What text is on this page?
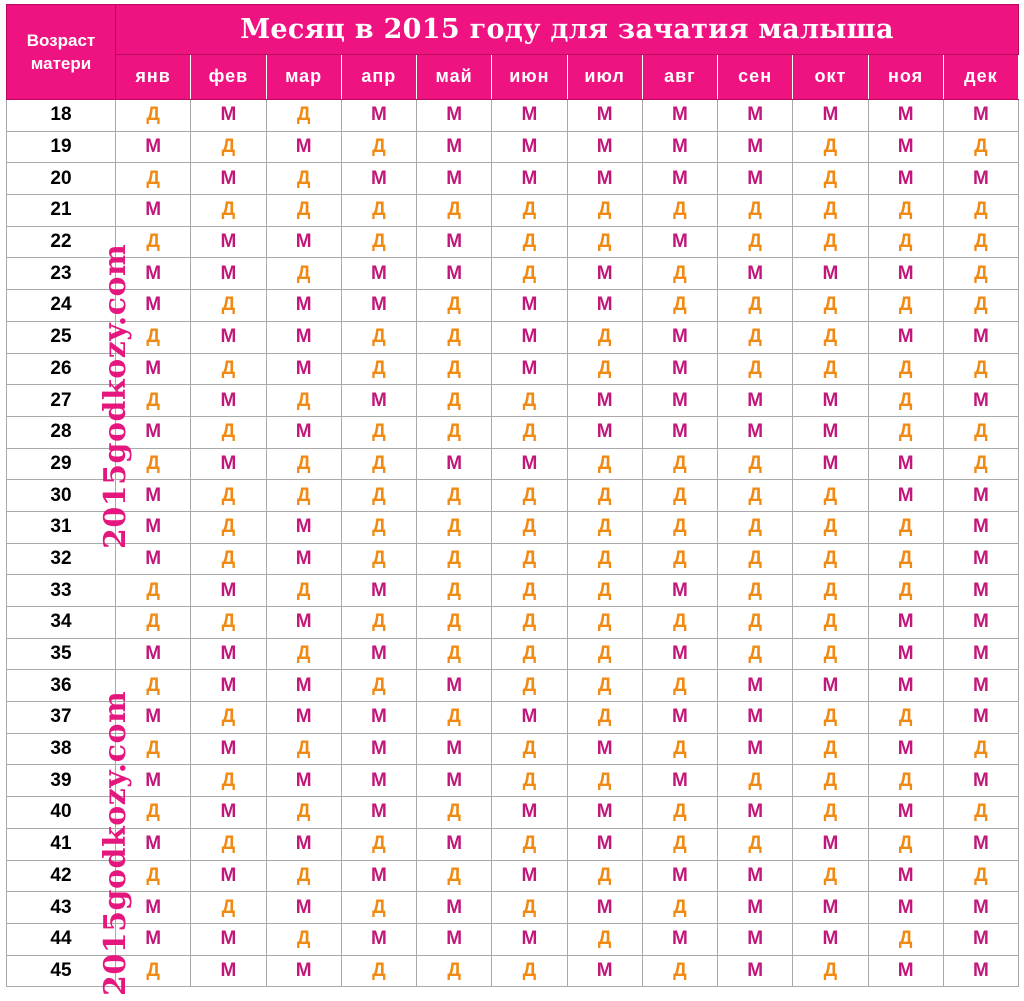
Возраст матери	Месяц в 2015 году для зачатия малыша											
	янв	фев	мар	апр	май	июн	июл	авг	сен	окт	ноя	дек
18	Д	М	Д	М	М	М	М	М	М	М	М	М
19	М	Д	М	Д	М	М	М	М	М	Д	М	Д
20	Д	М	Д	М	М	М	М	М	М	Д	М	М
21	М	Д	Д	Д	Д	Д	Д	Д	Д	Д	Д	Д
22	Д	М	М	Д	М	Д	Д	М	Д	Д	Д	Д
23	М	М	Д	М	М	Д	М	Д	М	М	М	Д
24	М	Д	М	М	Д	М	М	Д	Д	Д	Д	Д
25	Д	М	М	Д	Д	М	Д	М	Д	Д	М	М
26	М	Д	М	Д	Д	М	Д	М	Д	Д	Д	Д
27	Д	М	Д	М	Д	Д	М	М	М	М	Д	М
28	М	Д	М	Д	Д	Д	М	М	М	М	Д	Д
29	Д	М	Д	Д	М	М	Д	Д	Д	М	М	Д
30	М	Д	Д	Д	Д	Д	Д	Д	Д	Д	М	М
31	М	Д	М	Д	Д	Д	Д	Д	Д	Д	Д	М
32	М	Д	М	Д	Д	Д	Д	Д	Д	Д	Д	М
33	Д	М	Д	М	Д	Д	Д	М	Д	Д	Д	М
34	Д	Д	М	Д	Д	Д	Д	Д	Д	Д	М	М
35	М	М	Д	М	Д	Д	Д	М	Д	Д	М	М
36	Д	М	М	Д	М	Д	Д	Д	М	М	М	М
37	М	Д	М	М	Д	М	Д	М	М	Д	Д	М
38	Д	М	Д	М	М	Д	М	Д	М	Д	М	Д
39	М	Д	М	М	М	Д	Д	М	Д	Д	Д	М
40	Д	М	Д	М	Д	М	М	Д	М	Д	М	Д
41	М	Д	М	Д	М	Д	М	Д	Д	М	Д	М
42	Д	М	Д	М	Д	М	Д	М	М	Д	М	Д
43	М	Д	М	Д	М	Д	М	Д	М	М	М	М
44	М	М	Д	М	М	М	Д	М	М	М	Д	М
45	Д	М	М	Д	Д	Д	М	Д	М	Д	М	М
2015godkozy.com
2015godkozy.com
